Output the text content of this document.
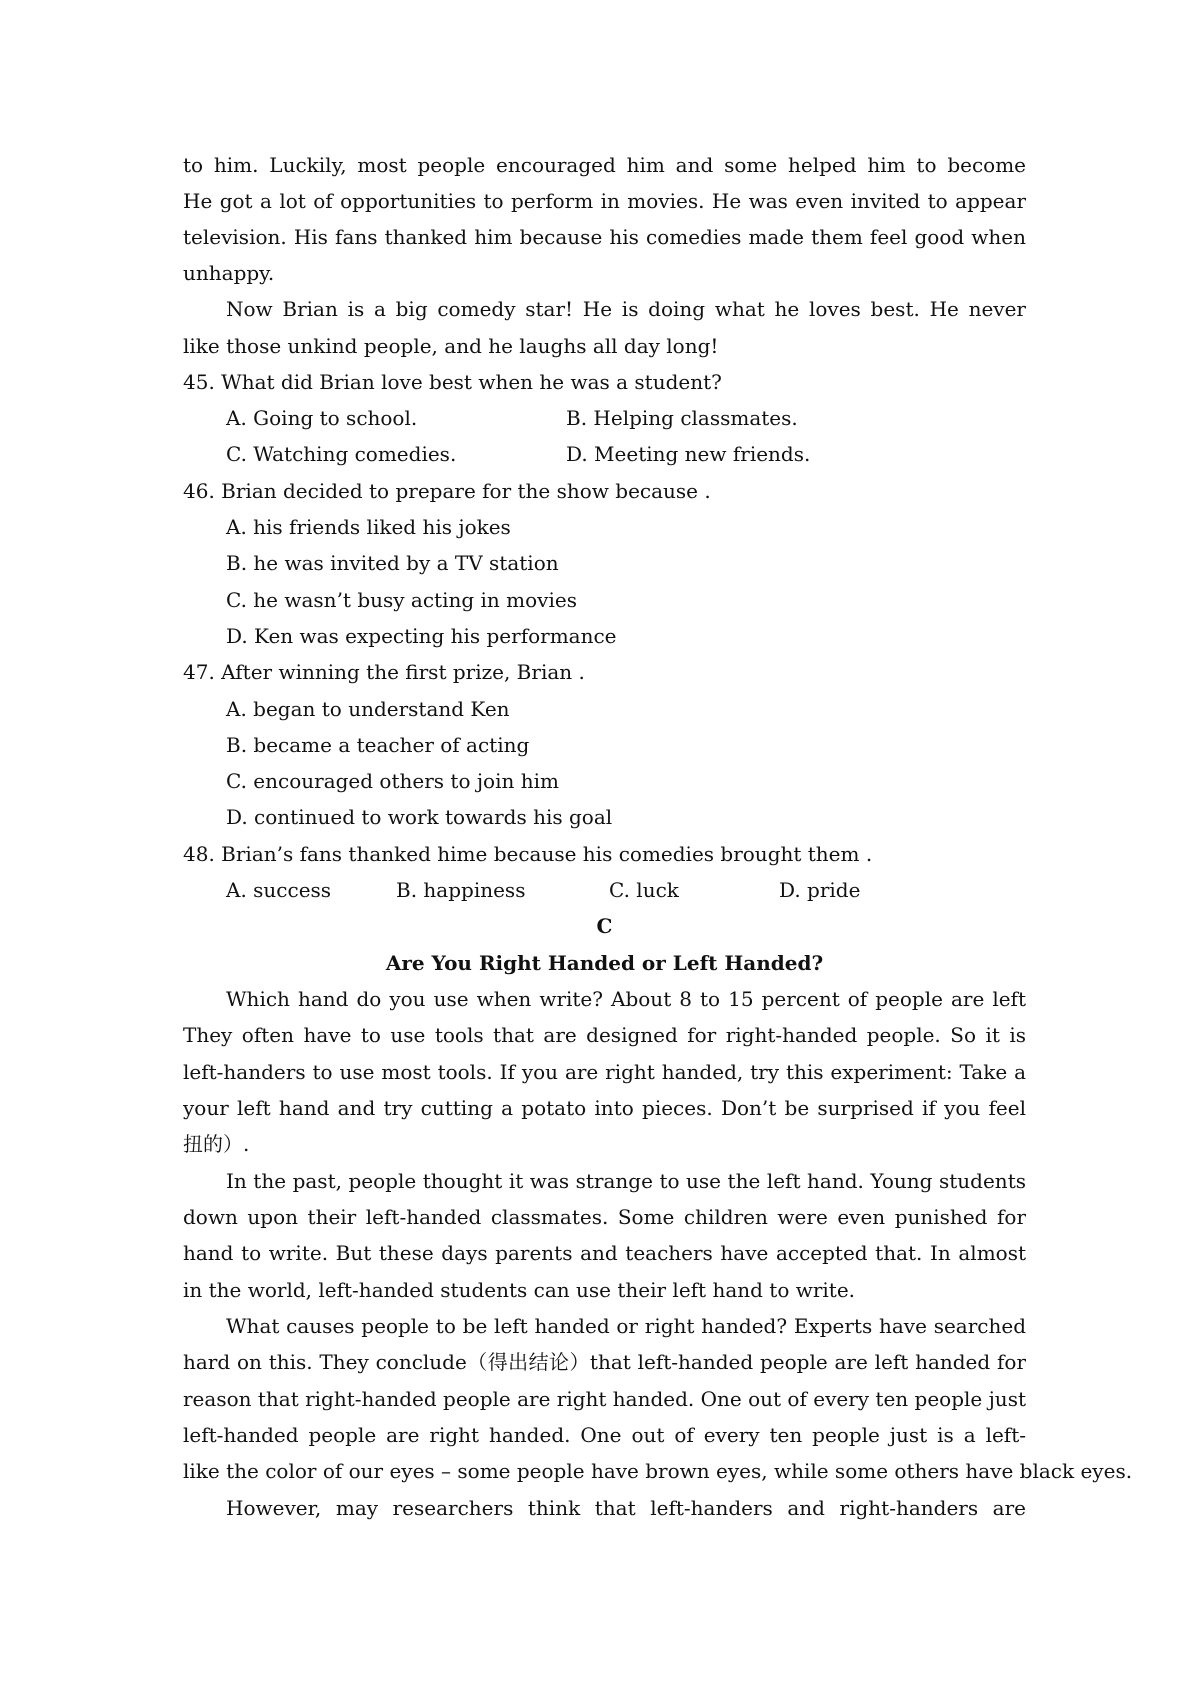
to him. Luckily, most people encouraged him and some helped him to become
He got a lot of opportunities to perform in movies. He was even invited to appear
television. His fans thanked him because his comedies made them feel good when
unhappy.
Now Brian is a big comedy star! He is doing what he loves best. He never
like those unkind people, and he laughs all day long!
45. What did Brian love best when he was a student?
A. Going to school.	B. Helping classmates.
C. Watching comedies.	D. Meeting new friends.
46. Brian decided to prepare for the show because .
A. his friends liked his jokes
B. he was invited by a TV station
C. he wasn’t busy acting in movies
D. Ken was expecting his performance
47. After winning the first prize, Brian .
A. began to understand Ken
B. became a teacher of acting
C. encouraged others to join him
D. continued to work towards his goal
48. Brian’s fans thanked hime because his comedies brought them .
A. success	B. happiness	C. luck	D. pride
C
Are You Right Handed or Left Handed?
Which hand do you use when write? About 8 to 15 percent of people are left
They often have to use tools that are designed for right-handed people. So it is
left-handers to use most tools. If you are right handed, try this experiment: Take a
your left hand and try cutting a potato into pieces. Don’t be surprised if you feel
扭的）.
In the past, people thought it was strange to use the left hand. Young students
down upon their left-handed classmates. Some children were even punished for
hand to write. But these days parents and teachers have accepted that. In almost
in the world, left-handed students can use their left hand to write.
What causes people to be left handed or right handed? Experts have searched
hard on this. They conclude（得出结论）that left-handed people are left handed for
reason that right-handed people are right handed. One out of every ten people just
left-handed people are right handed. One out of every ten people just is a left-
like the color of our eyes – some people have brown eyes, while some others have black eyes.
However, may researchers think that left-handers and right-handers are
